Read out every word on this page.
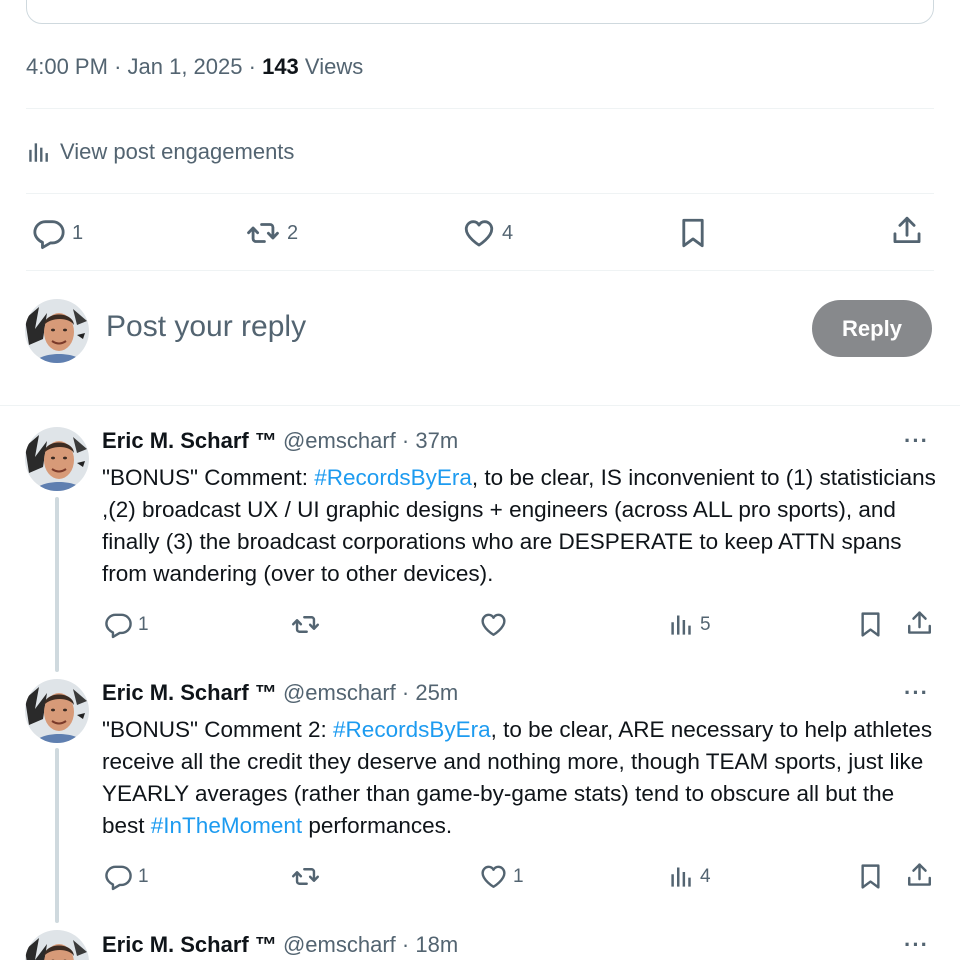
4:00 PM · Jan 1, 2025 · 143 Views
View post engagements
1	2	4
Post your reply	Reply
Eric M. Scharf ™ @emscharf · 37m	···
"BONUS" Comment: #RecordsByEra, to be clear, IS inconvenient to (1) statisticians ,(2) broadcast UX / UI graphic designs + engineers (across ALL pro sports), and finally (3) the broadcast corporations who are DESPERATE to keep ATTN spans from wandering (over to other devices).
1	5
Eric M. Scharf ™ @emscharf · 25m	···
"BONUS" Comment 2: #RecordsByEra, to be clear, ARE necessary to help athletes receive all the credit they deserve and nothing more, though TEAM sports, just like YEARLY averages (rather than game-by-game stats) tend to obscure all but the best #InTheMoment performances.
1	1	4
Eric M. Scharf ™ @emscharf · 18m	···
